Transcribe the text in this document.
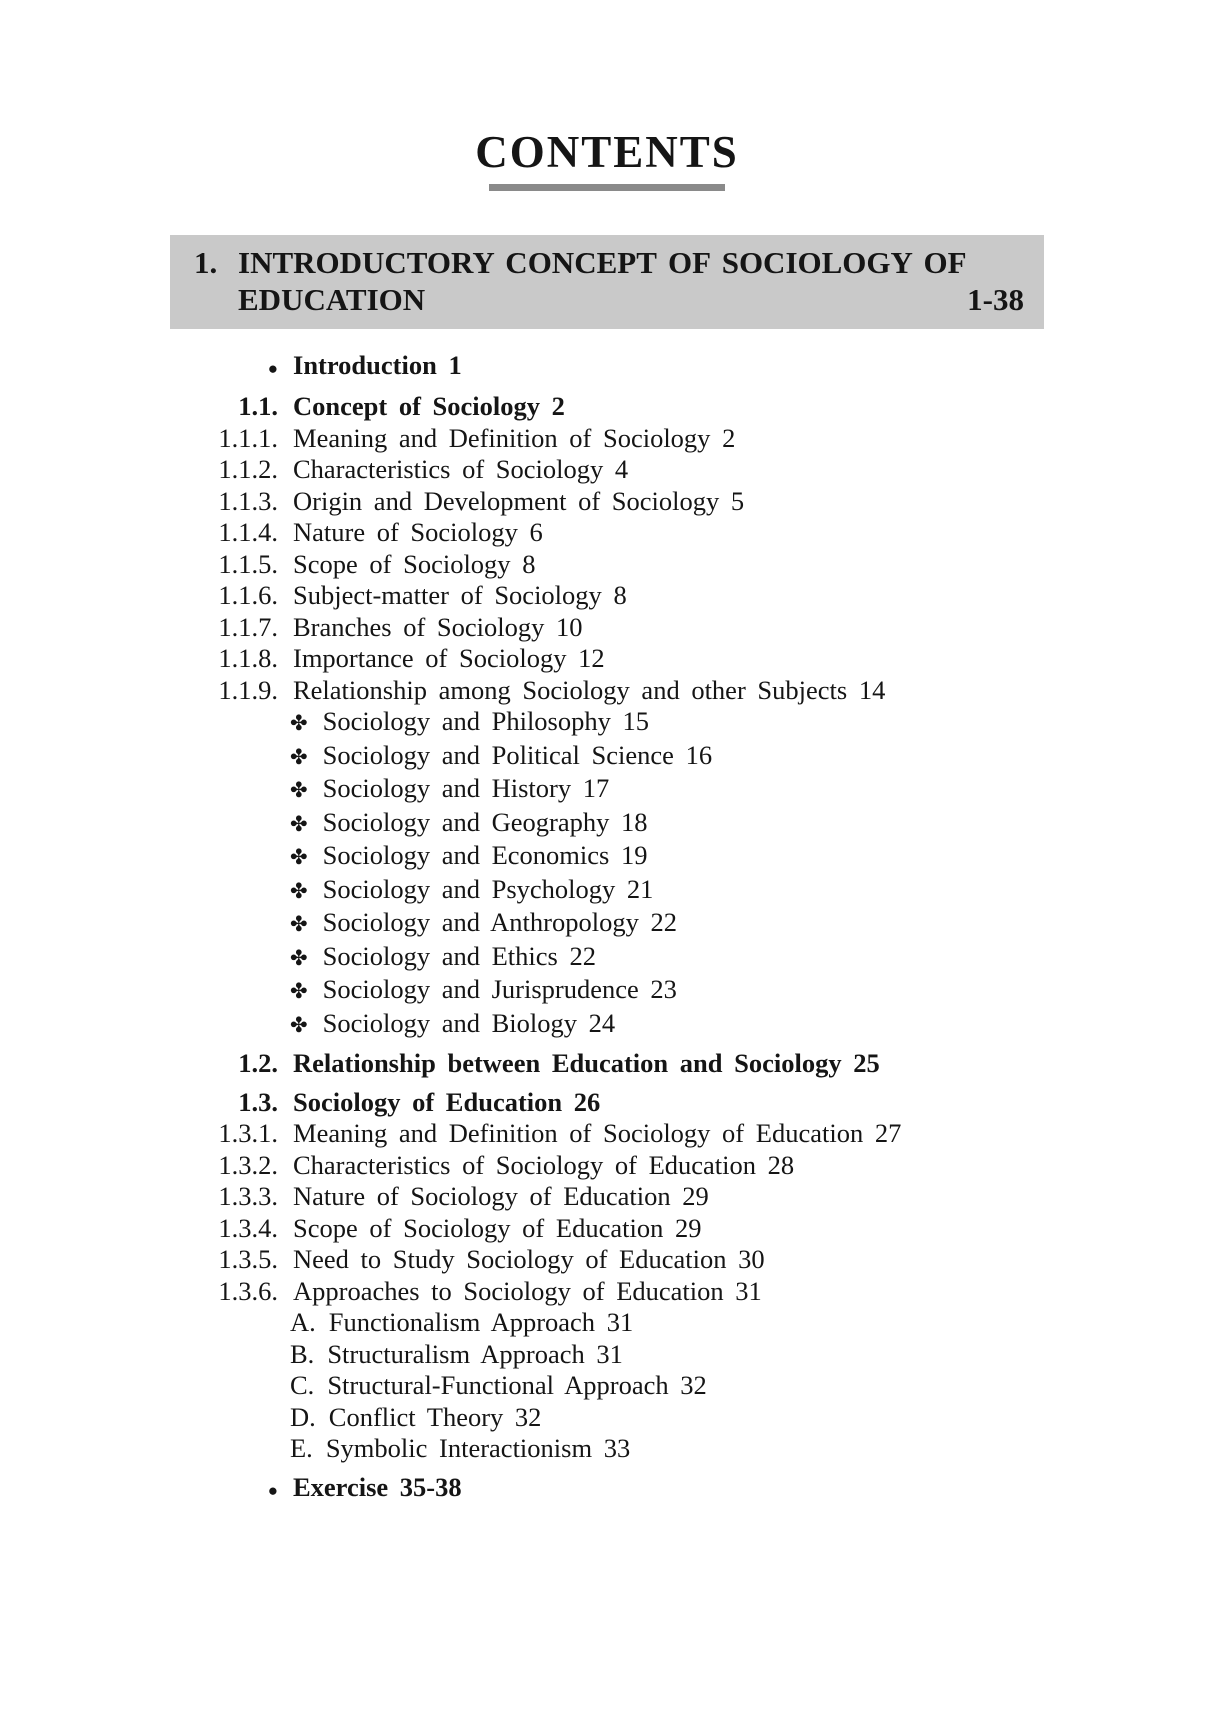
CONTENTS
1. INTRODUCTORY CONCEPT OF SOCIOLOGY OF
EDUCATION	1-38
● Introduction 1
1.1. Concept of Sociology 2
1.1.1. Meaning and Definition of Sociology 2
1.1.2. Characteristics of Sociology 4
1.1.3. Origin and Development of Sociology 5
1.1.4. Nature of Sociology 6
1.1.5. Scope of Sociology 8
1.1.6. Subject-matter of Sociology 8
1.1.7. Branches of Sociology 10
1.1.8. Importance of Sociology 12
1.1.9. Relationship among Sociology and other Subjects 14
✤ Sociology and Philosophy 15
✤ Sociology and Political Science 16
✤ Sociology and History 17
✤ Sociology and Geography 18
✤ Sociology and Economics 19
✤ Sociology and Psychology 21
✤ Sociology and Anthropology 22
✤ Sociology and Ethics 22
✤ Sociology and Jurisprudence 23
✤ Sociology and Biology 24
1.2. Relationship between Education and Sociology 25
1.3. Sociology of Education 26
1.3.1. Meaning and Definition of Sociology of Education 27
1.3.2. Characteristics of Sociology of Education 28
1.3.3. Nature of Sociology of Education 29
1.3.4. Scope of Sociology of Education 29
1.3.5. Need to Study Sociology of Education 30
1.3.6. Approaches to Sociology of Education 31
A. Functionalism Approach 31
B. Structuralism Approach 31
C. Structural-Functional Approach 32
D. Conflict Theory 32
E. Symbolic Interactionism 33
● Exercise 35-38
